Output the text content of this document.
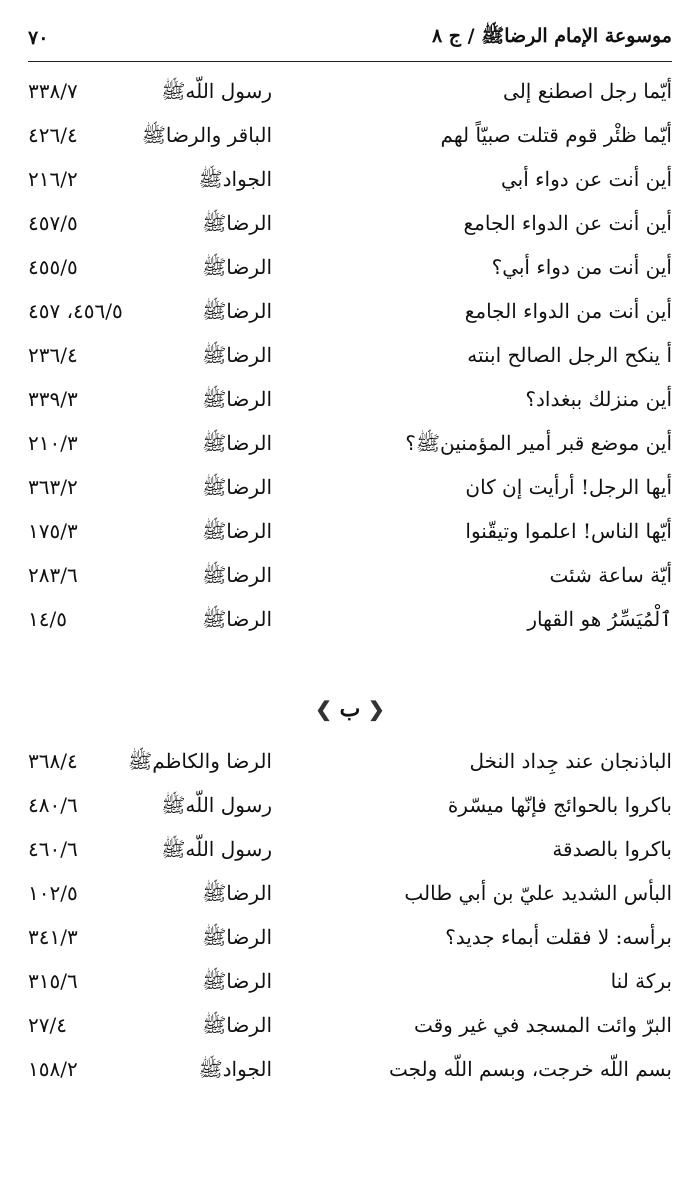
موسوعة الإمام الرضاﷺ / ج ٨
٧٠
أيّما رجل اصطنع إلى
رسول اللّهﷺ
٣٣٨/٧
أيّما ظئْر قوم قتلت صبيّاً لهم
الباقر والرضاﷺ
٤٢٦/٤
أين أنت عن دواء أبي
الجوادﷺ
٢١٦/٢
أين أنت عن الدواء الجامع
الرضاﷺ
٤٥٧/٥
أين أنت من دواء أبي؟
الرضاﷺ
٤٥٥/٥
أين أنت من الدواء الجامع
الرضاﷺ
٤٥٦/٥، ٤٥٧
أ ينكح الرجل الصالح ابنته
الرضاﷺ
٢٣٦/٤
أين منزلك ببغداد؟
الرضاﷺ
٣٣٩/٣
أين موضع قبر أمير المؤمنينﷺ؟
الرضاﷺ
٢١٠/٣
أيها الرجل! أرأيت إن كان
الرضاﷺ
٣٦٣/٢
أيّها الناس! اعلموا وتيقّنوا
الرضاﷺ
١٧٥/٣
أيّة ساعة شئت
الرضاﷺ
٢٨٣/٦
ٱلْمُيَسِّرُ هو القهار
الرضاﷺ
١٤/٥
❮ ب ❯
الباذنجان عند جِداد النخل
الرضا والكاظمﷺ
٣٦٨/٤
باكروا بالحوائج فإنّها ميسّرة
رسول اللّهﷺ
٤٨٠/٦
باكروا بالصدقة
رسول اللّهﷺ
٤٦٠/٦
البأس الشديد عليّ بن أبي طالب
الرضاﷺ
١٠٢/٥
برأسه: لا فقلت أبماء جديد؟
الرضاﷺ
٣٤١/٣
بركة لنا
الرضاﷺ
٣١٥/٦
البرّ وائت المسجد في غير وقت
الرضاﷺ
٢٧/٤
بسم اللّه خرجت، وبسم اللّه ولجت
الجوادﷺ
١٥٨/٢
